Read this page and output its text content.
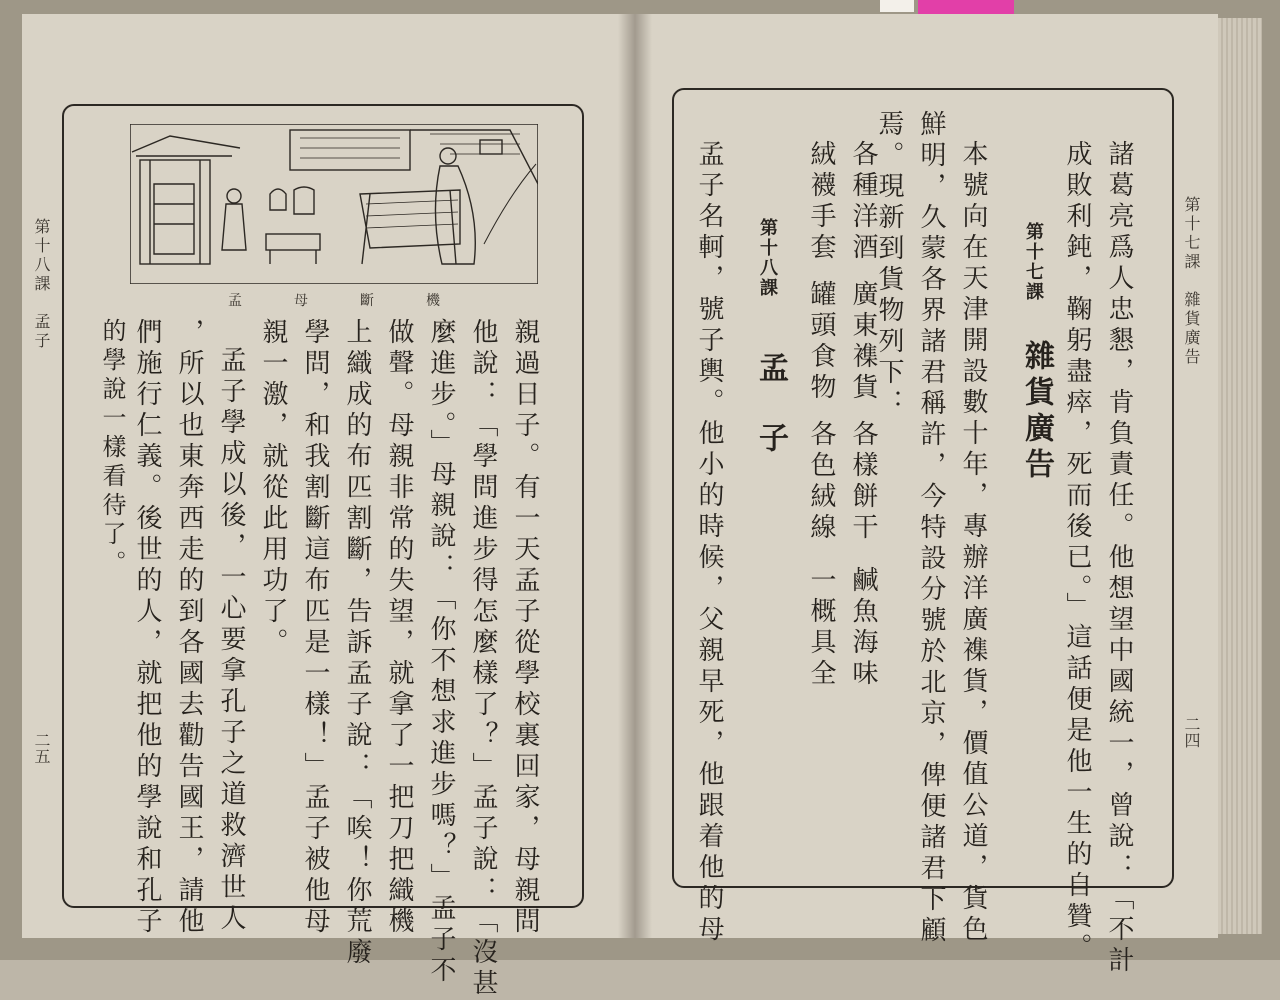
第十八課　孟子
二五
孟母斷機
親過日子。有一天孟子從學校裏回家，母親問
他說：「學問進步得怎麼樣了？」孟子說：「沒甚
麼進步。」母親說：「你不想求進步嗎？」孟子不
做聲。母親非常的失望，就拿了一把刀把織機
上織成的布匹割斷，告訴孟子說：「唉！你荒廢
學問，和我割斷這布匹是一樣！」孟子被他母
親一激，就從此用功了。
孟子學成以後，一心要拿孔子之道救濟世人
，所以也東奔西走的到各國去勸告國王，請他
們施行仁義。後世的人，就把他的學說和孔子
的學說一樣看待了。
第十七課　雜貨廣告
二四
諸葛亮爲人忠懇，肯負責任。他想望中國統一，曾說：「不計
成敗利鈍，鞠躬盡瘁，死而後已。」這話便是他一生的自贊。
第十七課
雜貨廣告
本號向在天津開設數十年，專辦洋廣襍貨，價值公道，貨色
鮮明，久蒙各界諸君稱許，今特設分號於北京，俾便諸君下顧
焉。現新到貨物列下：
各種洋酒
廣東襍貨
各樣餅干
鹹魚海味
絨襪手套
罐頭食物
各色絨線
一概具全
第十八課
孟子
孟子名軻，號子輿。他小的時候，父親早死，他跟着他的母
